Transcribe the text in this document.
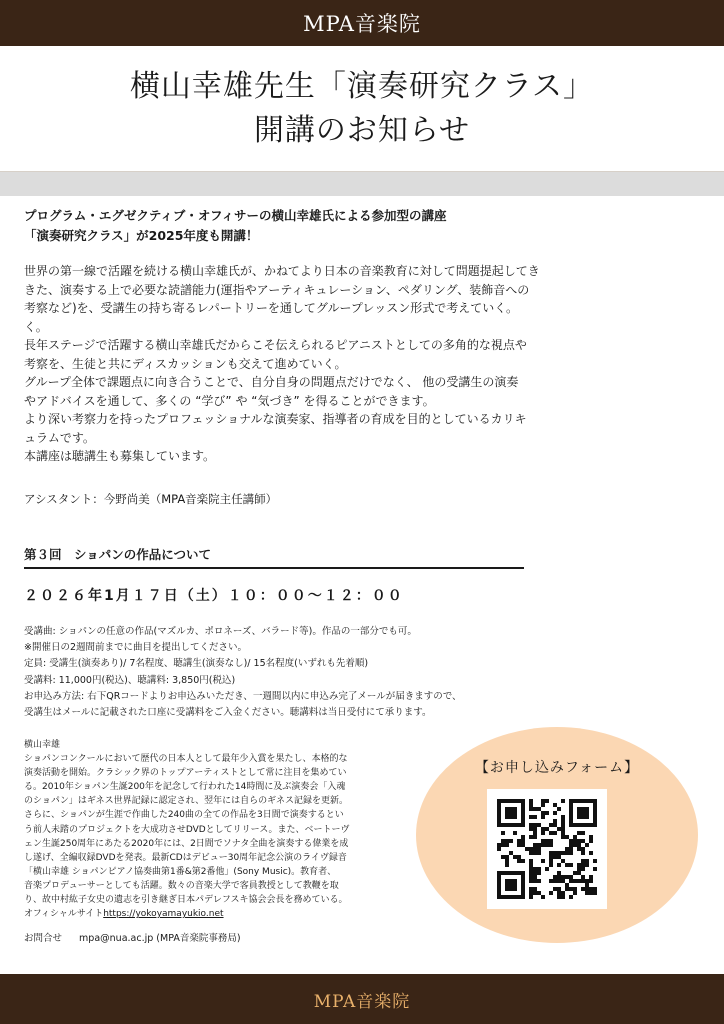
MPA音楽院
横山幸雄先生「演奏研究クラス」
開講のお知らせ
プログラム・エグゼクティブ・オフィサーの横山幸雄氏による参加型の講座
「演奏研究クラス」が2025年度も開講！

世界の第一線で活躍を続ける横山幸雄氏が、かねてより日本の音楽教育に対して問題提起してき

きた、演奏する上で必要な読譜能力(運指やアーティキュレーション、ペダリング、装飾音への

考察など)を、受講生の持ち寄るレパートリーを通してグループレッスン形式で考えていく。

く。

長年ステージで活躍する横山幸雄氏だからこそ伝えられるピアニストとしての多角的な視点や

考察を、生徒と共にディスカッションも交えて進めていく。

グループ全体で課題点に向き合うことで、自分自身の問題点だけでなく、 他の受講生の演奏

やアドバイスを通して、多くの “学び” や “気づき” を得ることができます。

より深い考察力を持ったプロフェッショナルな演奏家、指導者の育成を目的としているカリキ

ュラムです。

本講座は聴講生も募集しています。

アシスタント：今野尚美（MPA音楽院主任講師）
第３回　ショパンの作品について
２０２６年1月１７日（土）１０：００〜１２：００
受講曲: ショパンの任意の作品(マズルカ、ポロネーズ、バラード等)。作品の一部分でも可。
※開催日の2週間前までに曲目を提出してください。
定員: 受講生(演奏あり)/ 7名程度、聴講生(演奏なし)/ 15名程度(いずれも先着順)
受講料: 11,000円(税込)、聴講料: 3,850円(税込)
お申込み方法: 右下QRコードよりお申込みいただき、一週間以内に申込み完了メールが届きますので、
受講生はメールに記載された口座に受講料をご入金ください。聴講料は当日受付にて承ります。
横山幸雄
ショパンコンクールにおいて歴代の日本人として最年少入賞を果たし、本格的な
演奏活動を開始。クラシック界のトップアーティストとして常に注目を集めてい
る。2010年ショパン生誕200年を記念して行われた14時間に及ぶ演奏会「入魂
のショパン」はギネス世界記録に認定され、翌年には自らのギネス記録を更新。
さらに、ショパンが生涯で作曲した240曲の全ての作品を3日間で演奏するとい
う前人未踏のプロジェクトを大成功させDVDとしてリリース。また、ベートーヴ
ェン生誕250周年にあたる2020年には、2日間でソナタ全曲を演奏する偉業を成
し遂げ、全編収録DVDを発表。最新CDはデビュー30周年記念公演のライヴ録音
「横山幸雄 ショパンピアノ協奏曲第1番&第2番他」(Sony Music)。教育者、
音楽プロデューサーとしても活躍。数々の音楽大学で客員教授として教鞭を取
り、故中村紘子女史の遺志を引き継ぎ日本パデレフスキ協会会長を務めている。
オフィシャルサイトhttps://yokoyamayukio.net
お問合せ mpa@nua.ac.jp (MPA音楽院事務局)
【お申し込みフォーム】
MPA音楽院
